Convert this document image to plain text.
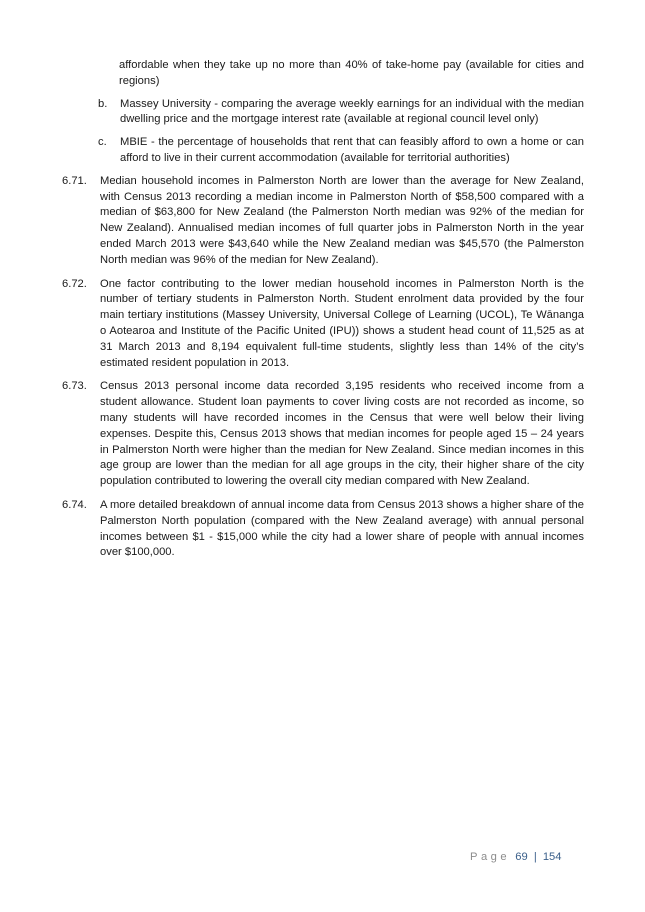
affordable when they take up no more than 40% of take-home pay (available for cities and regions)

b.	Massey University - comparing the average weekly earnings for an individual with the median dwelling price and the mortgage interest rate (available at regional council level only)

c.	MBIE - the percentage of households that rent that can feasibly afford to own a home or can afford to live in their current accommodation (available for territorial authorities)

6.71.	Median household incomes in Palmerston North are lower than the average for New Zealand, with Census 2013 recording a median income in Palmerston North of $58,500 compared with a median of $63,800 for New Zealand (the Palmerston North median was 92% of the median for New Zealand). Annualised median incomes of full quarter jobs in Palmerston North in the year ended March 2013 were $43,640 while the New Zealand median was $45,570 (the Palmerston North median was 96% of the median for New Zealand).

6.72.	One factor contributing to the lower median household incomes in Palmerston North is the number of tertiary students in Palmerston North. Student enrolment data provided by the four main tertiary institutions (Massey University, Universal College of Learning (UCOL), Te Wānanga o Aotearoa and Institute of the Pacific United (IPU)) shows a student head count of 11,525 as at 31 March 2013 and 8,194 equivalent full-time students, slightly less than 14% of the city’s estimated resident population in 2013.

6.73.	Census 2013 personal income data recorded 3,195 residents who received income from a student allowance. Student loan payments to cover living costs are not recorded as income, so many students will have recorded incomes in the Census that were well below their living expenses. Despite this, Census 2013 shows that median incomes for people aged 15 – 24 years in Palmerston North were higher than the median for New Zealand. Since median incomes in this age group are lower than the median for all age groups in the city, their higher share of the city population contributed to lowering the overall city median compared with New Zealand.

6.74.	A more detailed breakdown of annual income data from Census 2013 shows a higher share of the Palmerston North population (compared with the New Zealand average) with annual personal incomes between $1 - $15,000 while the city had a lower share of people with annual incomes over $100,000.

Page 69 | 154
